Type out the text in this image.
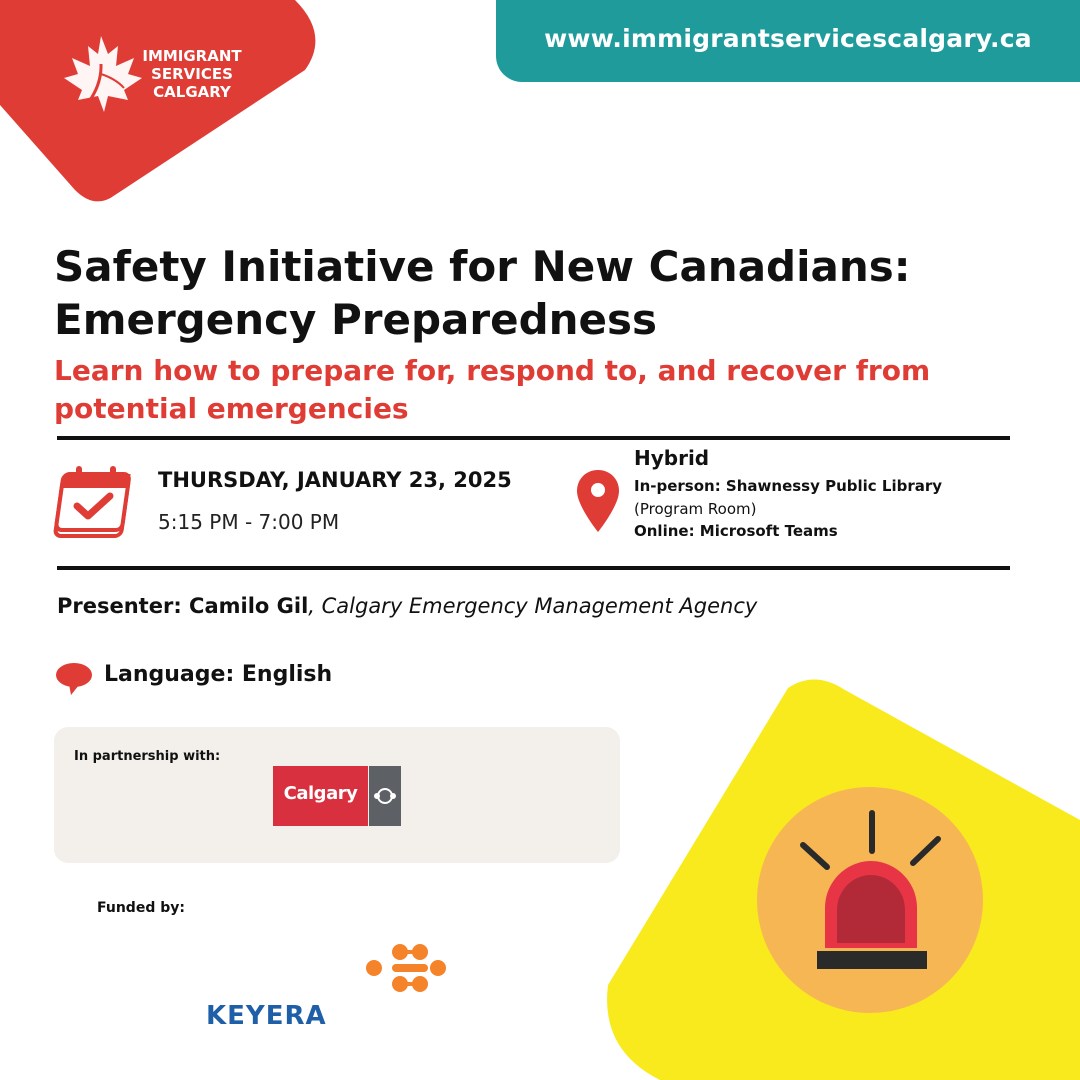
IMMIGRANT
SERVICES
CALGARY
www.immigrantservicescalgary.ca
Safety Initiative for New Canadians:
Emergency Preparedness
Learn how to prepare for, respond to, and recover from
potential emergencies
THURSDAY, JANUARY 23, 2025
5:15 PM - 7:00 PM
Hybrid
In-person: Shawnessy Public Library
(Program Room)
Online: Microsoft Teams
Presenter: Camilo Gil, Calgary Emergency Management Agency
Language: English
In partnership with:
Calgary
Funded by:
KEYERA
